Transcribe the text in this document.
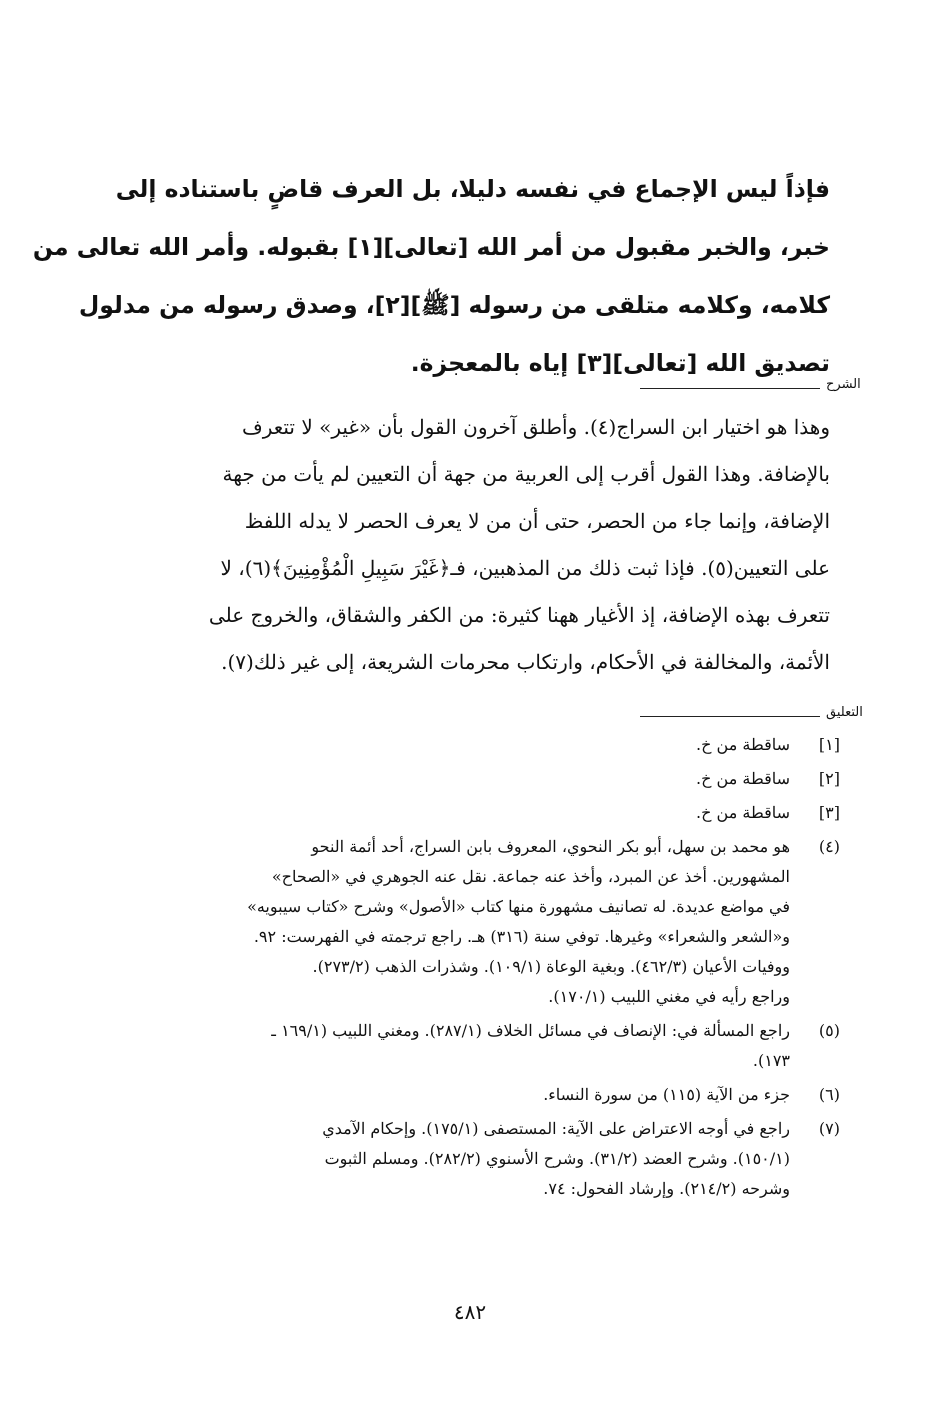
فإذاً ليس الإجماع في نفسه دليلا، بل العرف قاضٍ باستناده إلى
خبر، والخبر مقبول من أمر الله [تعالى][١] بقبوله. وأمر الله تعالى من
كلامه، وكلامه متلقى من رسوله [ﷺ][٢]، وصدق رسوله من مدلول
تصديق الله [تعالى][٣] إياه بالمعجزة.
الشرح
وهذا هو اختيار ابن السراج(٤). وأطلق آخرون القول بأن «غير» لا تتعرف
بالإضافة. وهذا القول أقرب إلى العربية من جهة أن التعيين لم يأت من جهة
الإضافة، وإنما جاء من الحصر، حتى أن من لا يعرف الحصر لا يدله اللفظ
على التعيين(٥). فإذا ثبت ذلك من المذهبين، فـ﴿غَيْرَ سَبِيلِ الْمُؤْمِنِينَ﴾(٦)، لا
تتعرف بهذه الإضافة، إذ الأغيار ههنا كثيرة: من الكفر والشقاق، والخروج على
الأئمة، والمخالفة في الأحكام، وارتكاب محرمات الشريعة، إلى غير ذلك(٧).
التعليق
[١]
ساقطة من خ.
[٢]
ساقطة من خ.
[٣]
ساقطة من خ.
(٤)
هو محمد بن سهل، أبو بكر النحوي، المعروف بابن السراج، أحد أئمة النحو
المشهورين. أخذ عن المبرد، وأخذ عنه جماعة. نقل عنه الجوهري في «الصحاح»
في مواضع عديدة. له تصانيف مشهورة منها كتاب «الأصول» وشرح «كتاب سيبويه»
و«الشعر والشعراء» وغيرها. توفي سنة (٣١٦) هـ. راجع ترجمته في الفهرست: ٩٢.
ووفيات الأعيان (٤٦٢/٣). وبغية الوعاة (١٠٩/١). وشذرات الذهب (٢٧٣/٢).
وراجع رأيه في مغني اللبيب (١٧٠/١).
(٥)
راجع المسألة في: الإنصاف في مسائل الخلاف (٢٨٧/١). ومغني اللبيب (١٦٩/١ ـ
١٧٣).
(٦)
جزء من الآية (١١٥) من سورة النساء.
(٧)
راجع في أوجه الاعتراض على الآية: المستصفى (١٧٥/١). وإحكام الآمدي
(١٥٠/١). وشرح العضد (٣١/٢). وشرح الأسنوي (٢٨٢/٢). ومسلم الثبوت
وشرحه (٢١٤/٢). وإرشاد الفحول: ٧٤.
٤٨٢
